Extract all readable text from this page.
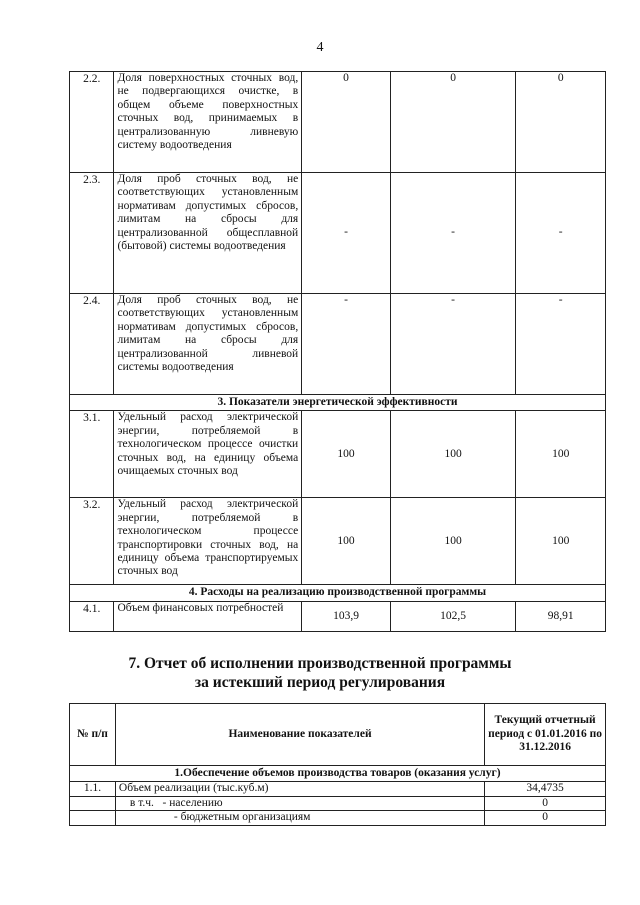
4
2.2.	Доля поверхностных сточных вод, не подвергающихся очистке, в общем объеме поверхностных сточных вод, принимаемых в централизованную ливневую систему водоотведения	0	0	0
2.3.	Доля проб сточных вод, не соответствующих установленным нормативам допустимых сбросов, лимитам на сбросы для централизованной общесплавной (бытовой) системы водоотведения	-	-	-
2.4.	Доля проб сточных вод, не соответствующих установленным нормативам допустимых сбросов, лимитам на сбросы для централизованной ливневой системы водоотведения	-	-	-
3. Показатели энергетической эффективности				
3.1.	Удельный расход электрической энергии, потребляемой в технологическом процессе очистки сточных вод, на единицу объема очищаемых сточных вод	100	100	100
3.2.	Удельный расход электрической энергии, потребляемой в технологическом процессе транспортировки сточных вод, на единицу объема транспортируемых сточных вод	100	100	100
4. Расходы на реализацию производственной программы				
4.1.	Объем финансовых потребностей	103,9	102,5	98,91
7. Отчет об исполнении производственной программы
за истекший период регулирования
№ п/п	Наименование показателей	Текущий отчетный период с 01.01.2016 по 31.12.2016
1.Обеспечение объемов производства товаров (оказания услуг)		
1.1.	Объем реализации (тыс.куб.м)	34,4735
	в т.ч. - населению	0
	- бюджетным организациям	0
